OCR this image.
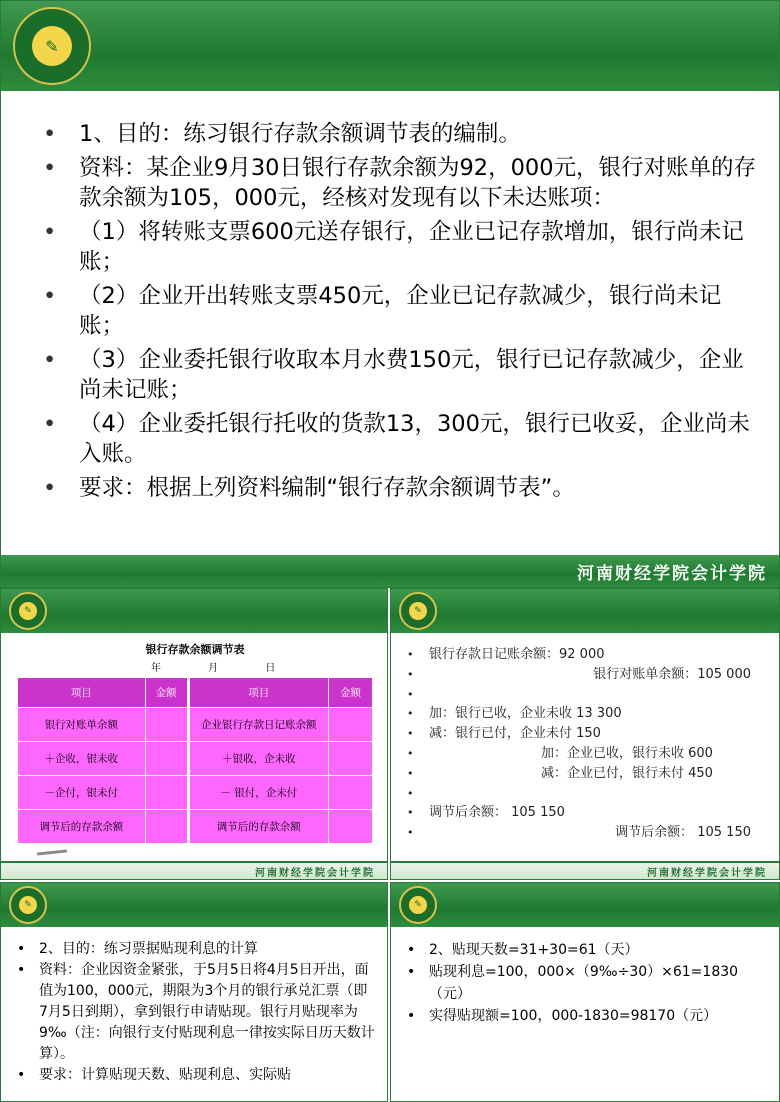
✎
• 1、目的：练习银行存款余额调节表的编制。
• 资料：某企业9月30日银行存款余额为92，000元，银行对账单的存款余额为105，000元，经核对发现有以下未达账项：
• （1）将转账支票600元送存银行，企业已记存款增加，银行尚未记账；
• （2）企业开出转账支票450元，企业已记存款减少，银行尚未记账；
• （3）企业委托银行收取本月水费150元，银行已记存款减少，企业尚未记账；
• （4）企业委托银行托收的货款13，300元，银行已收妥，企业尚未入账。
• 要求：根据上列资料编制“银行存款余额调节表”。
河南财经学院会计学院
✎
银行存款余额调节表
年 月 日
项目	金额		项目	金额
银行对账单余额			企业银行存款日记账余额	
＋企收，银未收			＋银收，企未收	
－企付，银未付			－ 银付，企未付	
调节后的存款余额			调节后的存款余额	
河南财经学院会计学院
✎
• 银行存款日记账余额：92 000
• 银行对账单余额：105 000
•
• 加：银行已收，企业未收 13 300
• 减：银行已付，企业未付 150
• 加：企业已收，银行未收 600
• 减：企业已付，银行未付 450
•
• 调节后余额： 105 150
• 调节后余额： 105 150
河南财经学院会计学院
✎
• 2、目的：练习票据贴现利息的计算
• 资料：企业因资金紧张，于5月5日将4月5日开出，面值为100，000元，期限为3个月的银行承兑汇票（即7月5日到期），拿到银行申请贴现。银行月贴现率为9‰（注：向银行支付贴现利息一律按实际日历天数计算）。
• 要求：计算贴现天数、贴现利息、实际贴
✎
• 2、贴现天数=31+30=61（天）
• 贴现利息=100，000×（9‰÷30）×61=1830（元）
• 实得贴现额=100，000-1830=98170（元）
